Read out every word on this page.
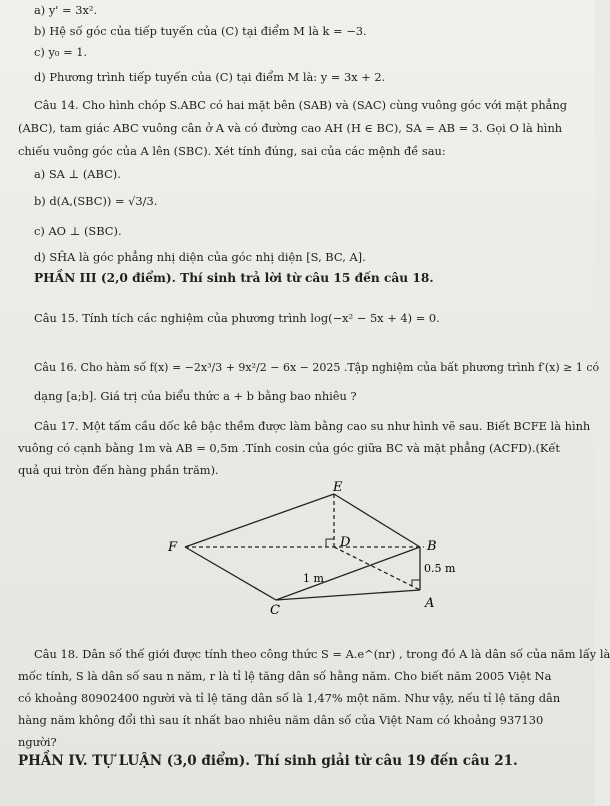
a) y' = 3x².
b) Hệ số góc của tiếp tuyến của (C) tại điểm M là k = −3.
c) y₀ = 1.
d) Phương trình tiếp tuyến của (C) tại điểm M là: y = 3x + 2.
Câu 14. Cho hình chóp S.ABC có hai mặt bên (SAB) và (SAC) cùng vuông góc với mặt phẳng
(ABC), tam giác ABC vuông cân ở A và có đường cao AH (H ∈ BC), SA = AB = 3. Gọi O là hình
chiếu vuông góc của A lên (SBC). Xét tính đúng, sai của các mệnh đề sau:
a) SA ⊥ (ABC).
b) d(A,(SBC)) = √3/3.
c) AO ⊥ (SBC).
d) SĤA là góc phẳng nhị diện của góc nhị diện [S, BC, A].
PHẦN III (2,0 điểm). Thí sinh trả lời từ câu 15 đến câu 18.
Câu 15. Tính tích các nghiệm của phương trình log(−x² − 5x + 4) = 0.
Câu 16. Cho hàm số f(x) = −2x³/3 + 9x²/2 − 6x − 2025 .Tập nghiệm của bất phương trình f′(x) ≥ 1 có
dạng [a;b]. Giá trị của biểu thức a + b bằng bao nhiêu ?
Câu 17. Một tấm cầu dốc kê bậc thềm được làm bằng cao su như hình vẽ sau. Biết BCFE là hình
vuông có cạnh bằng 1m và AB = 0,5m .Tính cosin của góc giữa BC và mặt phẳng (ACFD).(Kết
quả qui tròn đến hàng phần trăm).
E
F	D	B
C	A
1 m
0.5 m
Câu 18. Dân số thế giới được tính theo công thức S = A.e^(nr) , trong đó A là dân số của năm lấy là
mốc tính, S là dân số sau n năm, r là tỉ lệ tăng dân số hằng năm. Cho biết năm 2005 Việt Na
có khoảng 80902400 người và tỉ lệ tăng dân số là 1,47% một năm. Như vậy, nếu tỉ lệ tăng dân
hàng năm không đổi thì sau ít nhất bao nhiêu năm dân số của Việt Nam có khoảng 937130
người?
PHẦN IV. TỰ LUẬN (3,0 điểm). Thí sinh giải từ câu 19 đến câu 21.
